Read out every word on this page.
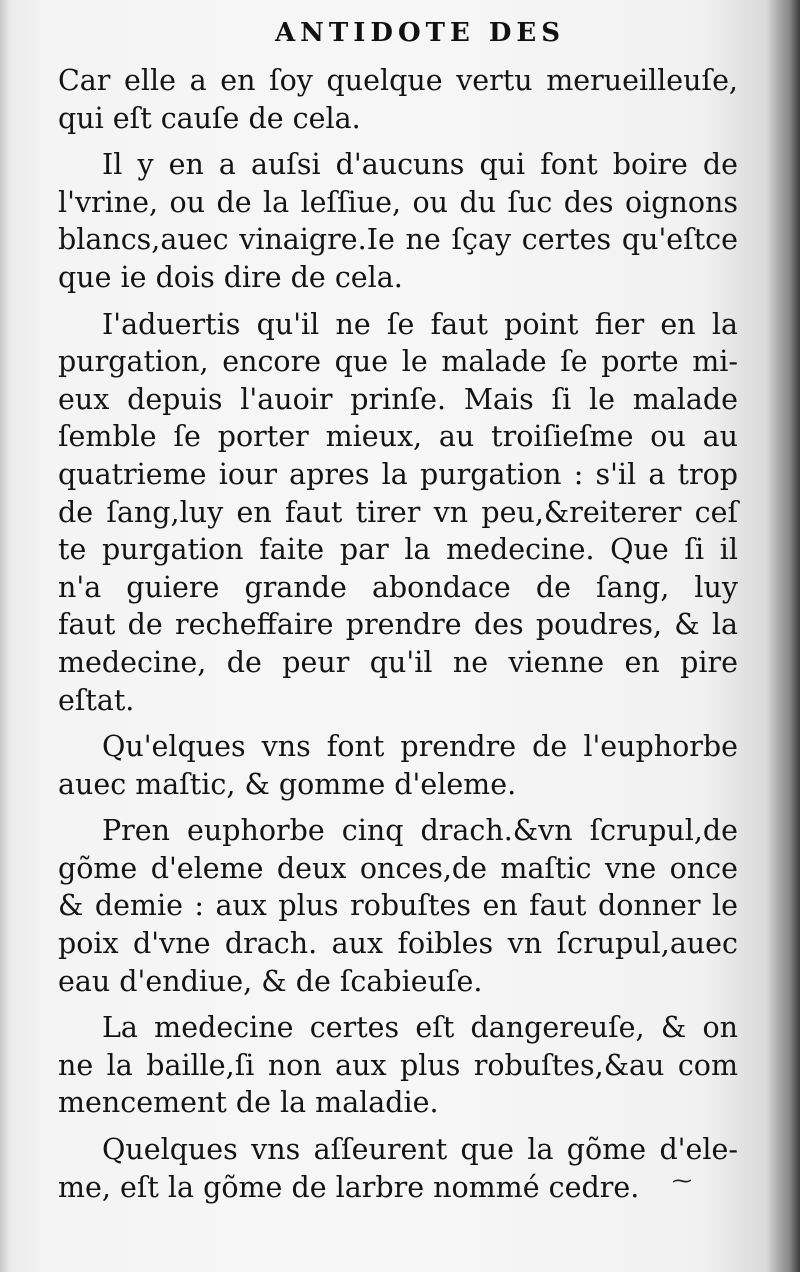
ANTIDOTE DES
Car elle a en ſoy quelque vertu merueilleuſe,
qui eſt cauſe de cela.
Il y en a auſsi d'aucuns qui font boire de
l'vrine, ou de la leſſiue, ou du ſuc des oignons
blancs,auec vinaigre.Ie ne ſçay certes qu'eſtce
que ie dois dire de cela.
I'aduertis qu'il ne ſe faut point fier en la
purgation, encore que le malade ſe porte mi-
eux depuis l'auoir prinſe. Mais ſi le malade
ſemble ſe porter mieux, au troiſieſme ou au
quatrieme iour apres la purgation : s'il a trop
de ſang,luy en faut tirer vn peu,&reiterer ceſ
te purgation faite par la medecine. Que ſi il
n'a guiere grande abondace de ſang, luy
faut de recheffaire prendre des poudres, & la
medecine, de peur qu'il ne vienne en pire
eſtat.
Qu'elques vns font prendre de l'euphorbe
auec maſtic, & gomme d'eleme.
Pren euphorbe cinq drach.&vn ſcrupul,de
gõme d'eleme deux onces,de maſtic vne once
& demie : aux plus robuſtes en faut donner le
poix d'vne drach. aux foibles vn ſcrupul,auec
eau d'endiue, & de ſcabieuſe.
La medecine certes eſt dangereuſe, & on
ne la baille,ſi non aux plus robuſtes,&au com
mencement de la maladie.
Quelques vns aſſeurent que la gõme d'ele-
me, eſt la gõme de larbre nommé cedre.	⁓
